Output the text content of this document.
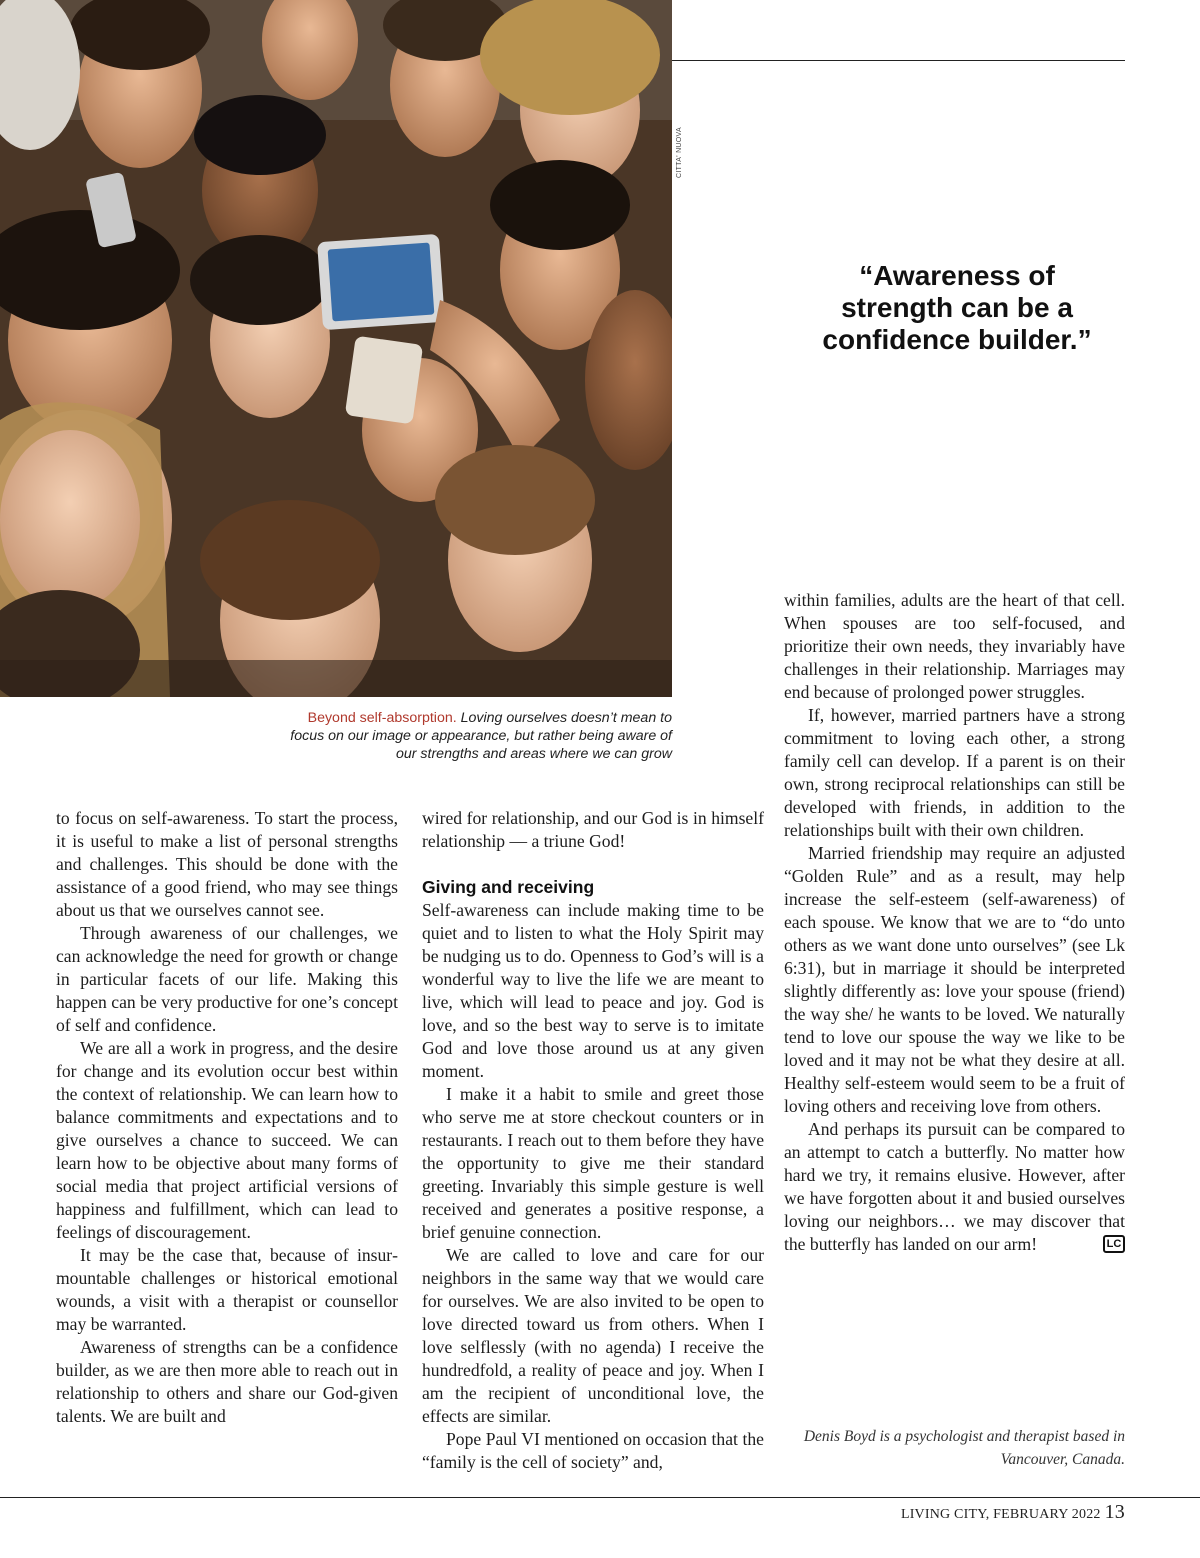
CITTA' NUOVA
“Awareness of strength can be a confidence builder.”
Beyond self-absorption. Loving ourselves doesn’t mean to focus on our image or appearance, but rather being aware of our strengths and areas where we can grow

to focus on self-awareness. To start the process, it is useful to make a list of personal strengths and challenges. This should be done with the assistance of a good friend, who may see things about us that we ourselves cannot see.

Through awareness of our challenges, we can acknowledge the need for growth or change in particular facets of our life. Making this happen can be very productive for one’s concept of self and confidence.

We are all a work in progress, and the desire for change and its evolution occur best within the context of relationship. We can learn how to balance commitments and expectations and to give ourselves a chance to succeed. We can learn how to be objective about many forms of social media that project artificial versions of happiness and fulfillment, which can lead to feelings of discouragement.

It may be the case that, because of insurmountable challenges or historical emotional wounds, a visit with a therapist or counsellor may be warranted.

Awareness of strengths can be a confidence builder, as we are then more able to reach out in relationship to others and share our God-given talents. We are built and

wired for relationship, and our God is in himself relationship — a triune God!

Giving and receiving

Self-awareness can include making time to be quiet and to listen to what the Holy Spirit may be nudging us to do. Openness to God’s will is a wonderful way to live the life we are meant to live, which will lead to peace and joy. God is love, and so the best way to serve is to imitate God and love those around us at any given moment.

I make it a habit to smile and greet those who serve me at store checkout counters or in restaurants. I reach out to them before they have the opportunity to give me their standard greeting. Invariably this simple gesture is well received and generates a positive response, a brief genuine connection.

We are called to love and care for our neighbors in the same way that we would care for ourselves. We are also invited to be open to love directed toward us from others. When I love selflessly (with no agenda) I receive the hundredfold, a reality of peace and joy. When I am the recipient of unconditional love, the effects are similar.

Pope Paul VI mentioned on occasion that the “family is the cell of society” and,

within families, adults are the heart of that cell. When spouses are too self-focused, and prioritize their own needs, they invariably have challenges in their relationship. Marriages may end because of prolonged power struggles.

If, however, married partners have a strong commitment to loving each other, a strong family cell can develop. If a parent is on their own, strong reciprocal relationships can still be developed with friends, in addition to the relationships built with their own children.

Married friendship may require an adjusted “Golden Rule” and as a result, may help increase the self-esteem (self-awareness) of each spouse. We know that we are to “do unto others as we want done unto ourselves” (see Lk 6:31), but in marriage it should be interpreted slightly differently as: love your spouse (friend) the way she/ he wants to be loved. We naturally tend to love our spouse the way we like to be loved and it may not be what they desire at all. Healthy self-esteem would seem to be a fruit of loving others and receiving love from others.

And perhaps its pursuit can be compared to an attempt to catch a butterfly. No matter how hard we try, it remains elusive. However, after we have forgotten about it and busied ourselves loving our neighbors… we may discover that the butterfly has landed on our arm!	LC

Denis Boyd is a psychologist and therapist based in Vancouver, Canada.
LIVING CITY, FEBRUARY 2022 13
